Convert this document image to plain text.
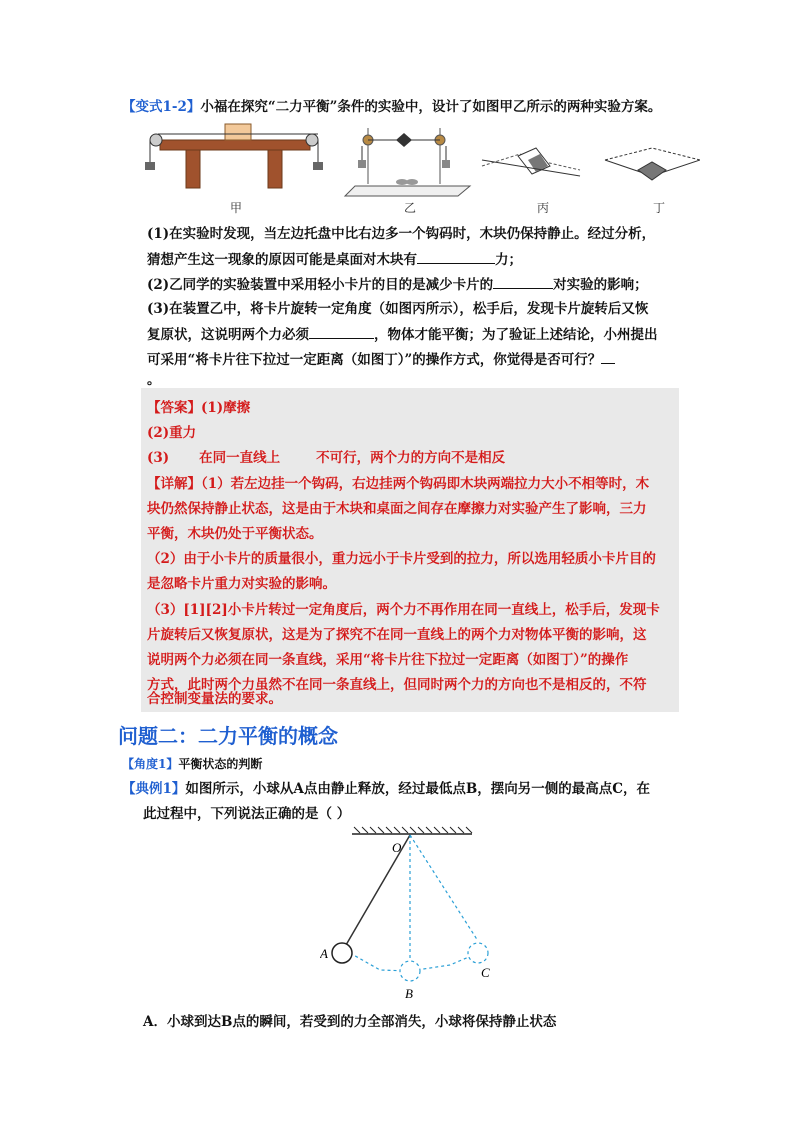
【变式1-2】小福在探究“二力平衡”条件的实验中，设计了如图甲乙所示的两种实验方案。
甲	乙	丙	丁
(1)在实验时发现，当左边托盘中比右边多一个钩码时，木块仍保持静止。经过分析，
猜想产生这一现象的原因可能是桌面对木块有	力；
(2)乙同学的实验装置中采用轻小卡片的目的是减少卡片的	对实验的影响；
(3)在装置乙中，将卡片旋转一定角度（如图丙所示），松手后，发现卡片旋转后又恢
复原状，这说明两个力必须	，物体才能平衡；为了验证上述结论，小州提出
可采用“将卡片往下拉过一定距离（如图丁）”的操作方式，你觉得是否可行？
。
【答案】(1)摩擦
(2)重力
(3) 在同一直线上	不可行，两个力的方向不是相反
【详解】（1）若左边挂一个钩码，右边挂两个钩码即木块两端拉力大小不相等时，木
块仍然保持静止状态，这是由于木块和桌面之间存在摩擦力对实验产生了影响，三力
平衡，木块仍处于平衡状态。
（2）由于小卡片的质量很小，重力远小于卡片受到的拉力，所以选用轻质小卡片目的
是忽略卡片重力对实验的影响。
（3）[1][2]小卡片转过一定角度后，两个力不再作用在同一直线上，松手后，发现卡
片旋转后又恢复原状，这是为了探究不在同一直线上的两个力对物体平衡的影响，这
说明两个力必须在同一条直线，采用“将卡片往下拉过一定距离（如图丁）”的操作
方式，此时两个力虽然不在同一条直线上，但同时两个力的方向也不是相反的，不符
合控制变量法的要求。
问题二：二力平衡的概念
【角度1】平衡状态的判断
【典例1】如图所示，小球从A点由静止释放，经过最低点B，摆向另一侧的最高点C，在
此过程中，下列说法正确的是（ ）
O
A
B
C
A．小球到达B点的瞬间，若受到的力全部消失，小球将保持静止状态
